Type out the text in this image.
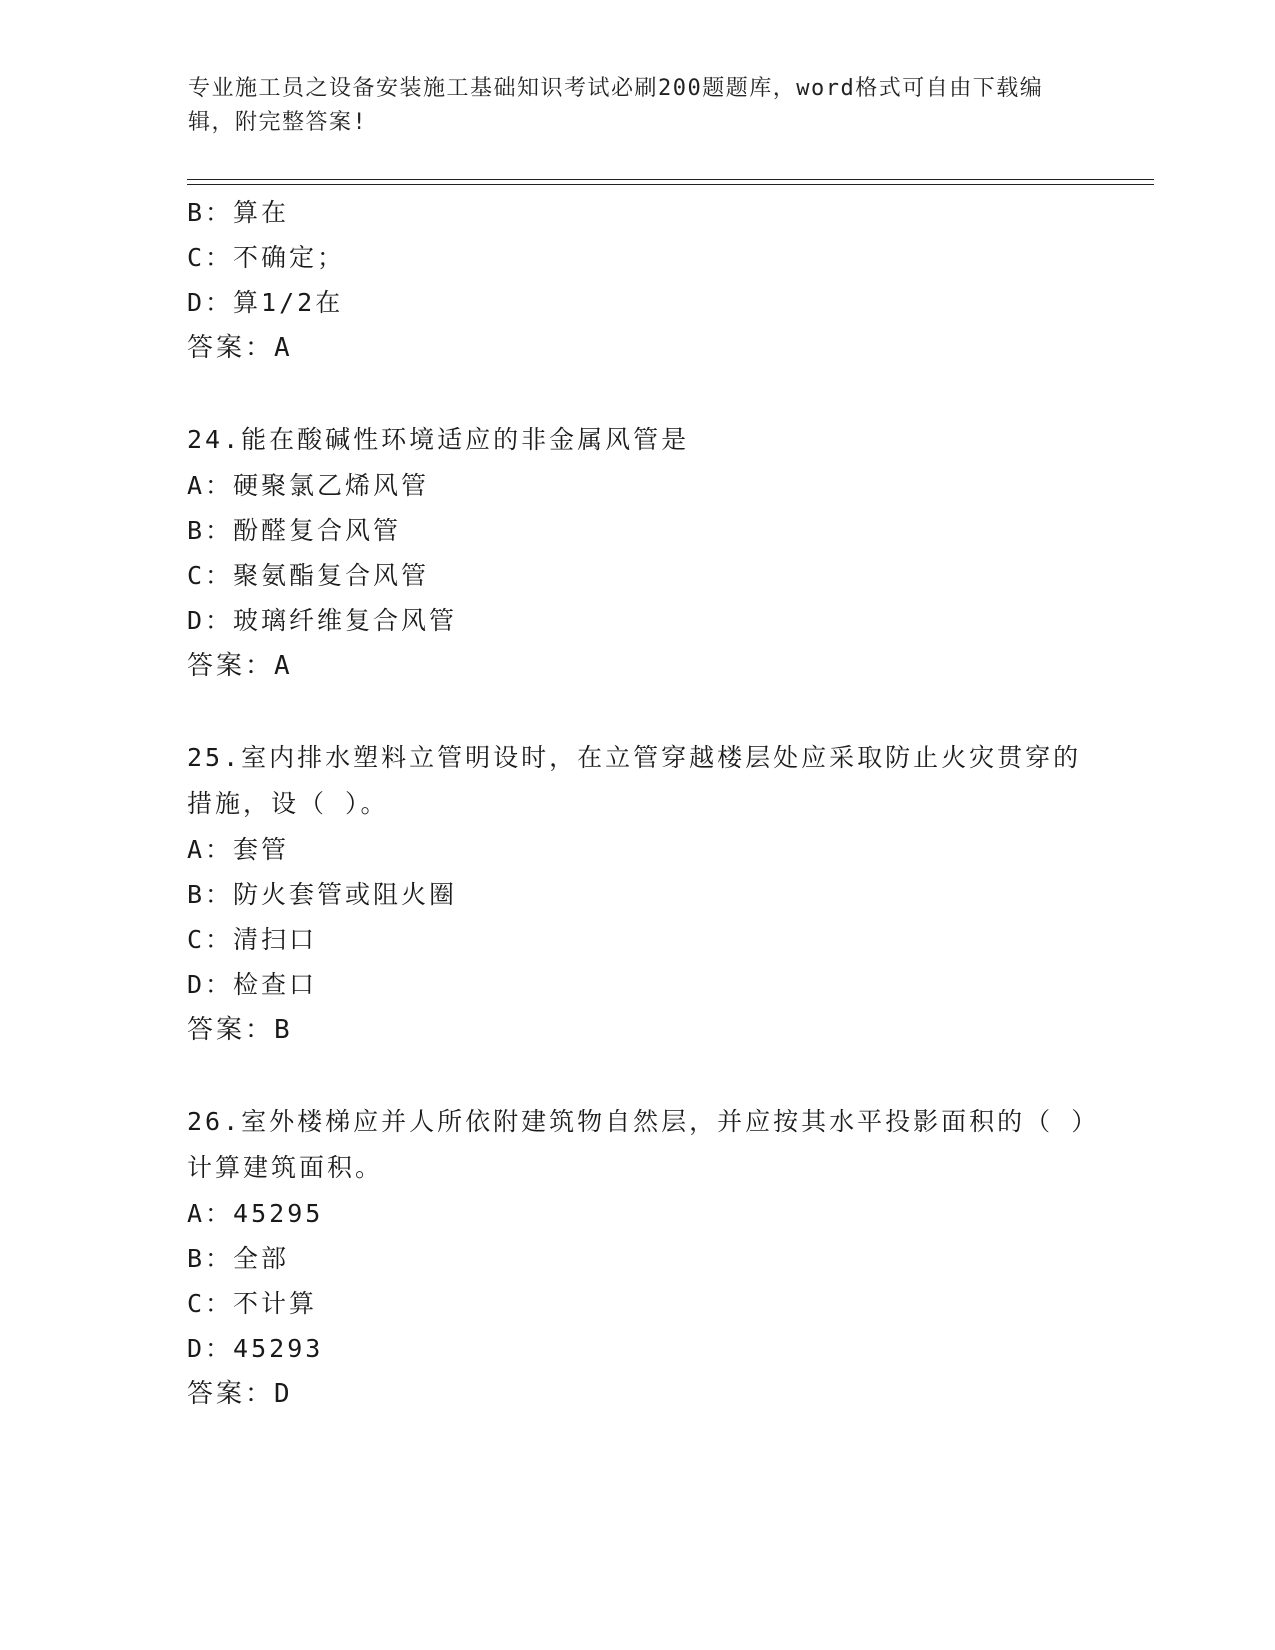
专业施工员之设备安装施工基础知识考试必刷200题题库，word格式可自由下载编辑，附完整答案!
B：算在
C：不确定；
D：算1/2在
答案：A
24.能在酸碱性环境适应的非金属风管是
A：硬聚氯乙烯风管
B：酚醛复合风管
C：聚氨酯复合风管
D：玻璃纤维复合风管
答案：A
25.室内排水塑料立管明设时，在立管穿越楼层处应采取防止火灾贯穿的措施，设（ ）。
A：套管
B：防火套管或阻火圈
C：清扫口
D：检查口
答案：B
26.室外楼梯应并人所依附建筑物自然层，并应按其水平投影面积的（ ）计算建筑面积。
A：45295
B：全部
C：不计算
D：45293
答案：D
